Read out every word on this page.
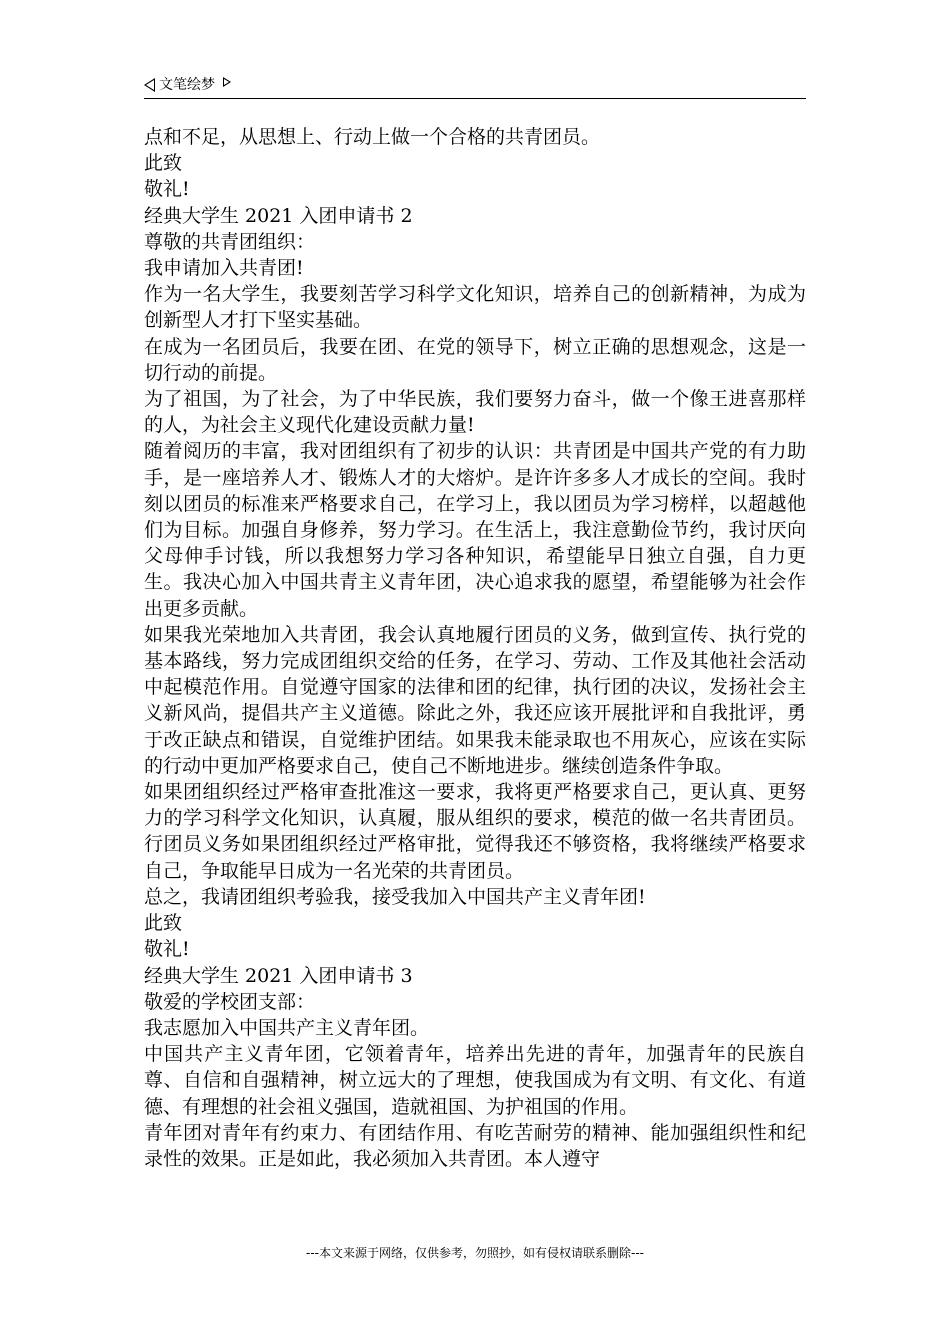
文笔绘梦

点和不足，从思想上、行动上做一个合格的共青团员。

此致

敬礼!

经典大学生 2021 入团申请书 2

尊敬的共青团组织：

我申请加入共青团!

作为一名大学生，我要刻苦学习科学文化知识，培养自己的创新精神，为成为创新型人才打下坚实基础。

在成为一名团员后，我要在团、在党的领导下，树立正确的思想观念，这是一切行动的前提。

为了祖国，为了社会，为了中华民族，我们要努力奋斗，做一个像王进喜那样的人，为社会主义现代化建设贡献力量!

随着阅历的丰富，我对团组织有了初步的认识：共青团是中国共产党的有力助手，是一座培养人才、锻炼人才的大熔炉。是许许多多人才成长的空间。我时刻以团员的标准来严格要求自己，在学习上，我以团员为学习榜样，以超越他们为目标。加强自身修养，努力学习。在生活上，我注意勤俭节约，我讨厌向父母伸手讨钱，所以我想努力学习各种知识，希望能早日独立自强，自力更生。我决心加入中国共青主义青年团，决心追求我的愿望，希望能够为社会作出更多贡献。

如果我光荣地加入共青团，我会认真地履行团员的义务，做到宣传、执行党的基本路线，努力完成团组织交给的任务，在学习、劳动、工作及其他社会活动中起模范作用。自觉遵守国家的法律和团的纪律，执行团的决议，发扬社会主义新风尚，提倡共产主义道德。除此之外，我还应该开展批评和自我批评，勇于改正缺点和错误，自觉维护团结。如果我未能录取也不用灰心，应该在实际的行动中更加严格要求自己，使自己不断地进步。继续创造条件争取。

如果团组织经过严格审查批准这一要求，我将更严格要求自己，更认真、更努力的学习科学文化知识，认真履，服从组织的要求，模范的做一名共青团员。行团员义务如果团组织经过严格审批，觉得我还不够资格，我将继续严格要求自己，争取能早日成为一名光荣的共青团员。

总之，我请团组织考验我，接受我加入中国共产主义青年团!

此致

敬礼!

经典大学生 2021 入团申请书 3

敬爱的学校团支部：

我志愿加入中国共产主义青年团。

中国共产主义青年团，它领着青年，培养出先进的青年，加强青年的民族自尊、自信和自强精神，树立远大的了理想，使我国成为有文明、有文化、有道德、有理想的社会祖义强国，造就祖国、为护祖国的作用。

青年团对青年有约束力、有团结作用、有吃苦耐劳的精神、能加强组织性和纪录性的效果。正是如此，我必须加入共青团。本人遵守

---本文来源于网络，仅供参考，勿照抄，如有侵权请联系删除---
